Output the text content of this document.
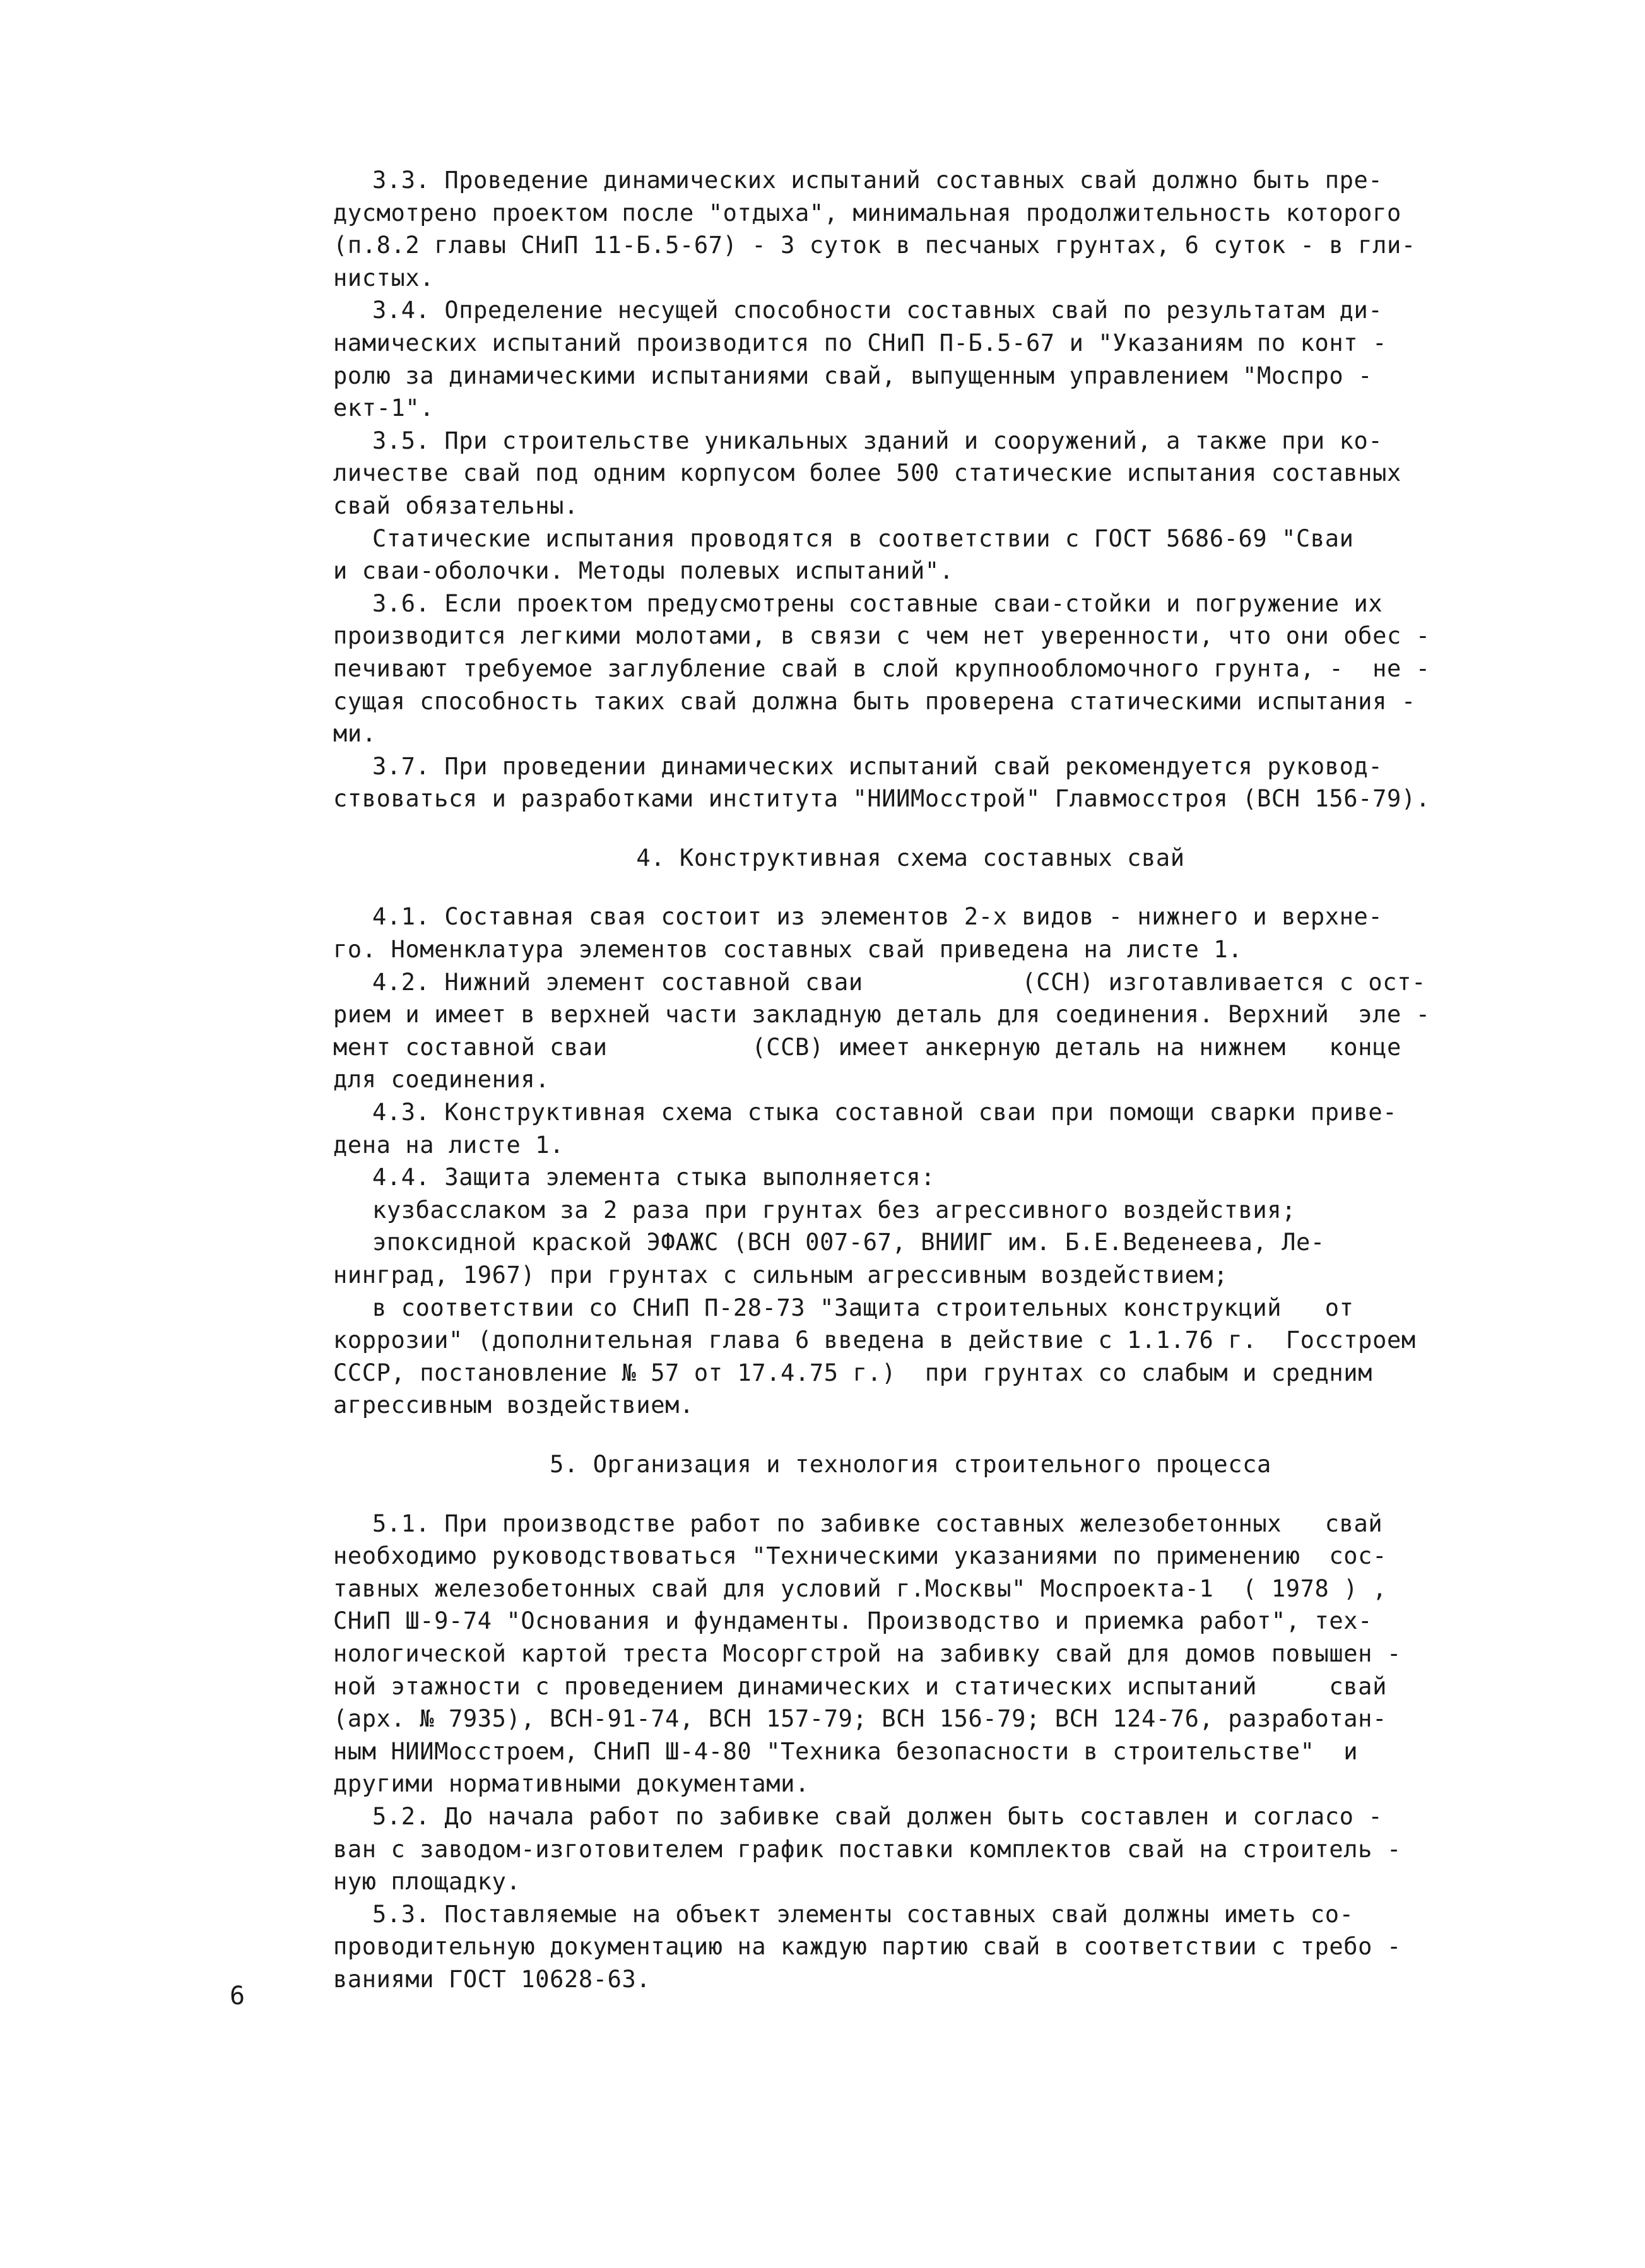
3.3. Проведение динамических испытаний составных свай должно быть пре-
дусмотрено проектом после "отдыха", минимальная продолжительность которого
(п.8.2 главы СНиП 11-Б.5-67) - 3 суток в песчаных грунтах, 6 суток - в гли-
нистых.
3.4. Определение несущей способности составных свай по результатам ди-
намических испытаний производится по СНиП П-Б.5-67 и "Указаниям по конт -
ролю за динамическими испытаниями свай, выпущенным управлением "Моспро -
ект-1".
3.5. При строительстве уникальных зданий и сооружений, а также при ко-
личестве свай под одним корпусом более 500 статические испытания составных
свай обязательны.
Статические испытания проводятся в соответствии с ГОСТ 5686-69 "Сваи
и сваи-оболочки. Методы полевых испытаний".
3.6. Если проектом предусмотрены составные сваи-стойки и погружение их
производится легкими молотами, в связи с чем нет уверенности, что они обес -
печивают требуемое заглубление свай в слой крупнообломочного грунта, -  не -
сущая способность таких свай должна быть проверена статическими испытания -
ми.
3.7. При проведении динамических испытаний свай рекомендуется руковод-
ствоваться и разработками института "НИИМосстрой" Главмосстроя (ВСН 156-79).
4. Конструктивная схема составных свай
4.1. Составная свая состоит из элементов 2-х видов - нижнего и верхне-
го. Номенклатура элементов составных свай приведена на листе 1.
4.2. Нижний элемент составной сваи           (ССН) изготавливается с ост-
рием и имеет в верхней части закладную деталь для соединения. Верхний  эле -
мент составной сваи          (ССВ) имеет анкерную деталь на нижнем   конце
для соединения.
4.3. Конструктивная схема стыка составной сваи при помощи сварки приве-
дена на листе 1.
4.4. Защита элемента стыка выполняется:
кузбасслаком за 2 раза при грунтах без агрессивного воздействия;
эпоксидной краской ЭФАЖС (ВСН 007-67, ВНИИГ им. Б.Е.Веденеева, Ле-
нинград, 1967) при грунтах с сильным агрессивным воздействием;
в соответствии со СНиП П-28-73 "Защита строительных конструкций   от
коррозии" (дополнительная глава 6 введена в действие с 1.1.76 г.  Госстроем
СССР, постановление № 57 от 17.4.75 г.)  при грунтах со слабым и средним
агрессивным воздействием.
5. Организация и технология строительного процесса
5.1. При производстве работ по забивке составных железобетонных   свай
необходимо руководствоваться "Техническими указаниями по применению  сос-
тавных железобетонных свай для условий г.Москвы" Моспроекта-1  ( 1978 ) ,
СНиП Ш-9-74 "Основания и фундаменты. Производство и приемка работ", тех-
нологической картой треста Мосоргстрой на забивку свай для домов повышен -
ной этажности с проведением динамических и статических испытаний     свай
(арх. № 7935), ВСН-91-74, ВСН 157-79; ВСН 156-79; ВСН 124-76, разработан-
ным НИИМосстроем, СНиП Ш-4-80 "Техника безопасности в строительстве"  и
другими нормативными документами.
5.2. До начала работ по забивке свай должен быть составлен и согласо -
ван с заводом-изготовителем график поставки комплектов свай на строитель -
ную площадку.
5.3. Поставляемые на объект элементы составных свай должны иметь со-
проводительную документацию на каждую партию свай в соответствии с требо -
ваниями ГОСТ 10628-63.
6
